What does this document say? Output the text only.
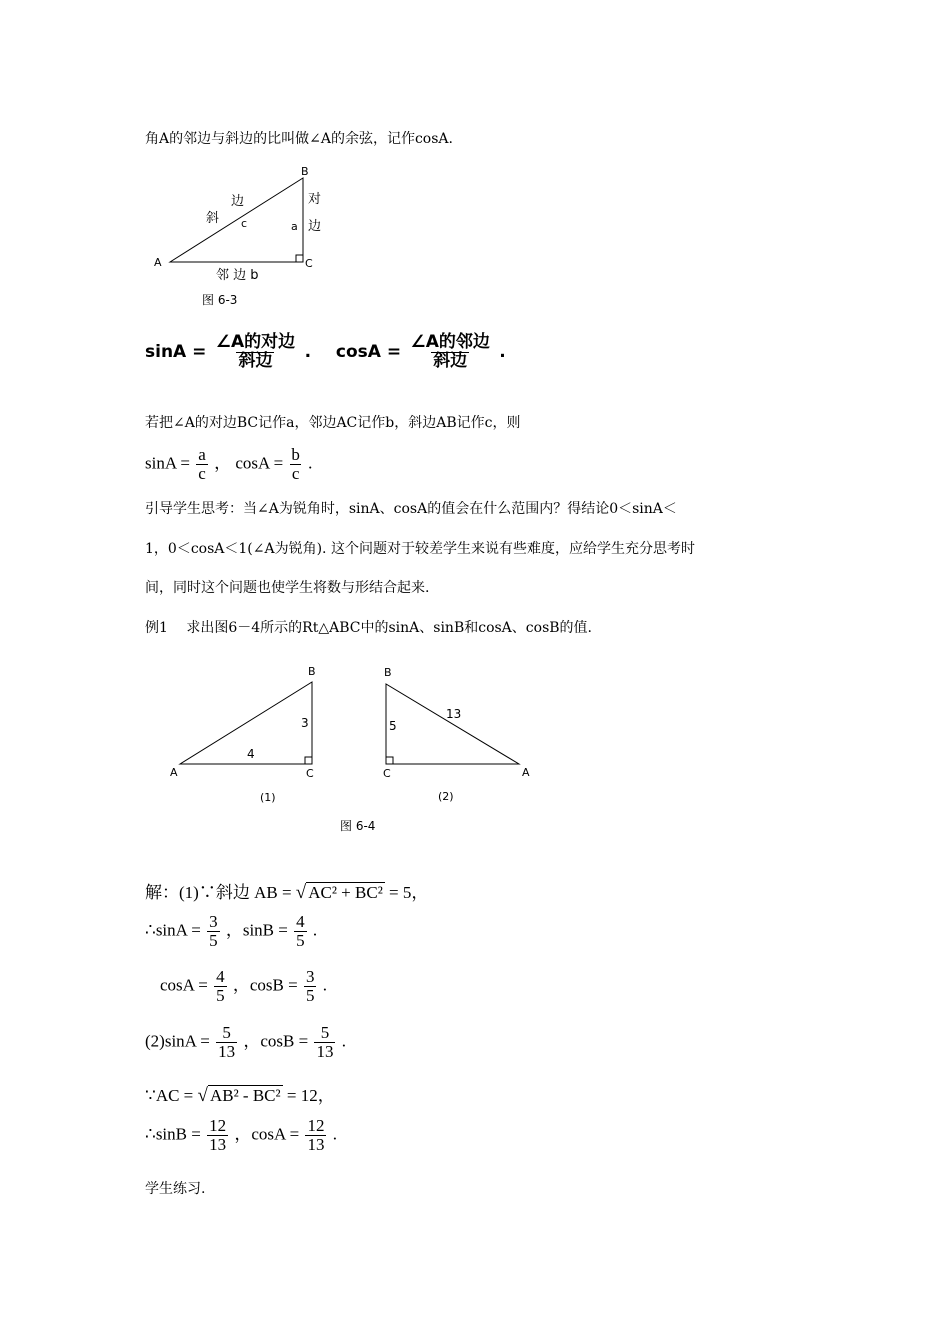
角A的邻边与斜边的比叫做∠A的余弦，记作cosA.
A
B
C
斜
边
c	a
对
边
邻 边 b
图 6-3
$\sin A = \frac{\text{∠A的对边}}{\text{斜边}}$ . $\cos A = \frac{\text{∠A的邻边}}{\text{斜边}}$ .
若把∠A的对边BC记作a，邻边AC记作b，斜边AB记作c，则
$\sin A = \frac{a}{c}$ ， $\cos A = \frac{b}{c}$ .
引导学生思考：当∠A为锐角时，sinA、cosA的值会在什么范围内？得结论0＜sinA＜
1，0＜cosA＜1(∠A为锐角). 这个问题对于较差学生来说有些难度，应给学生充分思考时
间，同时这个问题也使学生将数与形结合起来.
例1　 求出图6－4所示的Rt△ABC中的sinA、sinB和cosA、cosB的值.
A
B
C
3
4
(1)
B
C	A
5
13
(2)
图 6-4
解：(1)∵斜边 AB = √ AC² + BC² = 5，
∴sinA = $\frac{3}{5}$ ，$\sin B = \frac{4}{5}$ .
$\cos A = \frac{4}{5}$ ，$\cos B = \frac{3}{5}$ .
$(2)\sin A = \frac{5}{13}$ ，$\cos B = \frac{5}{13}$ .
∵AC = √ AB² - BC² = 12，
∴sinB = $\frac{12}{13}$ ，$\cos A = \frac{12}{13}$ .
学生练习.
